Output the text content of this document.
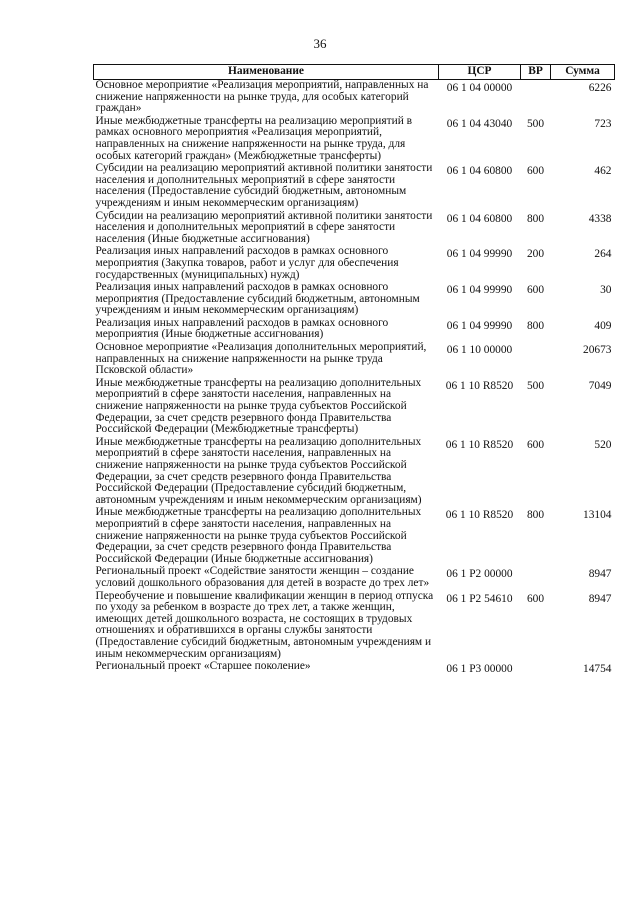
36
Наименование	ЦСР	ВР	Сумма
Основное мероприятие «Реализация мероприятий, направленных на снижение напряженности на рынке труда, для особых категорий граждан»	06 1 04 00000		6226
Иные межбюджетные трансферты на реализацию мероприятий в рамках основного мероприятия «Реализация мероприятий, направленных на снижение напряженности на рынке труда, для особых категорий граждан» (Межбюджетные трансферты)	06 1 04 43040	500	723
Субсидии на реализацию мероприятий активной политики занятости населения и дополнительных мероприятий в сфере занятости населения (Предоставление субсидий бюджетным, автономным учреждениям и иным некоммерческим организациям)	06 1 04 60800	600	462
Субсидии на реализацию мероприятий активной политики занятости населения и дополнительных мероприятий в сфере занятости населения (Иные бюджетные ассигнования)	06 1 04 60800	800	4338
Реализация иных направлений расходов в рамках основного мероприятия (Закупка товаров, работ и услуг для обеспечения государственных (муниципальных) нужд)	06 1 04 99990	200	264
Реализация иных направлений расходов в рамках основного мероприятия (Предоставление субсидий бюджетным, автономным учреждениям и иным некоммерческим организациям)	06 1 04 99990	600	30
Реализация иных направлений расходов в рамках основного мероприятия (Иные бюджетные ассигнования)	06 1 04 99990	800	409
Основное мероприятие «Реализация дополнительных мероприятий, направленных на снижение напряженности на рынке труда Псковской области»	06 1 10 00000		20673
Иные межбюджетные трансферты на реализацию дополнительных мероприятий в сфере занятости населения, направленных на снижение напряженности на рынке труда субъектов Российской Федерации, за счет средств резервного фонда Правительства Российской Федерации (Межбюджетные трансферты)	06 1 10 R8520	500	7049
Иные межбюджетные трансферты на реализацию дополнительных мероприятий в сфере занятости населения, направленных на снижение напряженности на рынке труда субъектов Российской Федерации, за счет средств резервного фонда Правительства Российской Федерации (Предоставление субсидий бюджетным, автономным учреждениям и иным некоммерческим организациям)	06 1 10 R8520	600	520
Иные межбюджетные трансферты на реализацию дополнительных мероприятий в сфере занятости населения, направленных на снижение напряженности на рынке труда субъектов Российской Федерации, за счет средств резервного фонда Правительства Российской Федерации (Иные бюджетные ассигнования)	06 1 10 R8520	800	13104
Региональный проект «Содействие занятости женщин – создание условий дошкольного образования для детей в возрасте до трех лет»	06 1 P2 00000		8947
Переобучение и повышение квалификации женщин в период отпуска по уходу за ребенком в возрасте до трех лет, а также женщин, имеющих детей дошкольного возраста, не состоящих в трудовых отношениях и обратившихся в органы службы занятости (Предоставление субсидий бюджетным, автономным учреждениям и иным некоммерческим организациям)	06 1 P2 54610	600	8947
Региональный проект «Старшее поколение»	06 1 P3 00000		14754
